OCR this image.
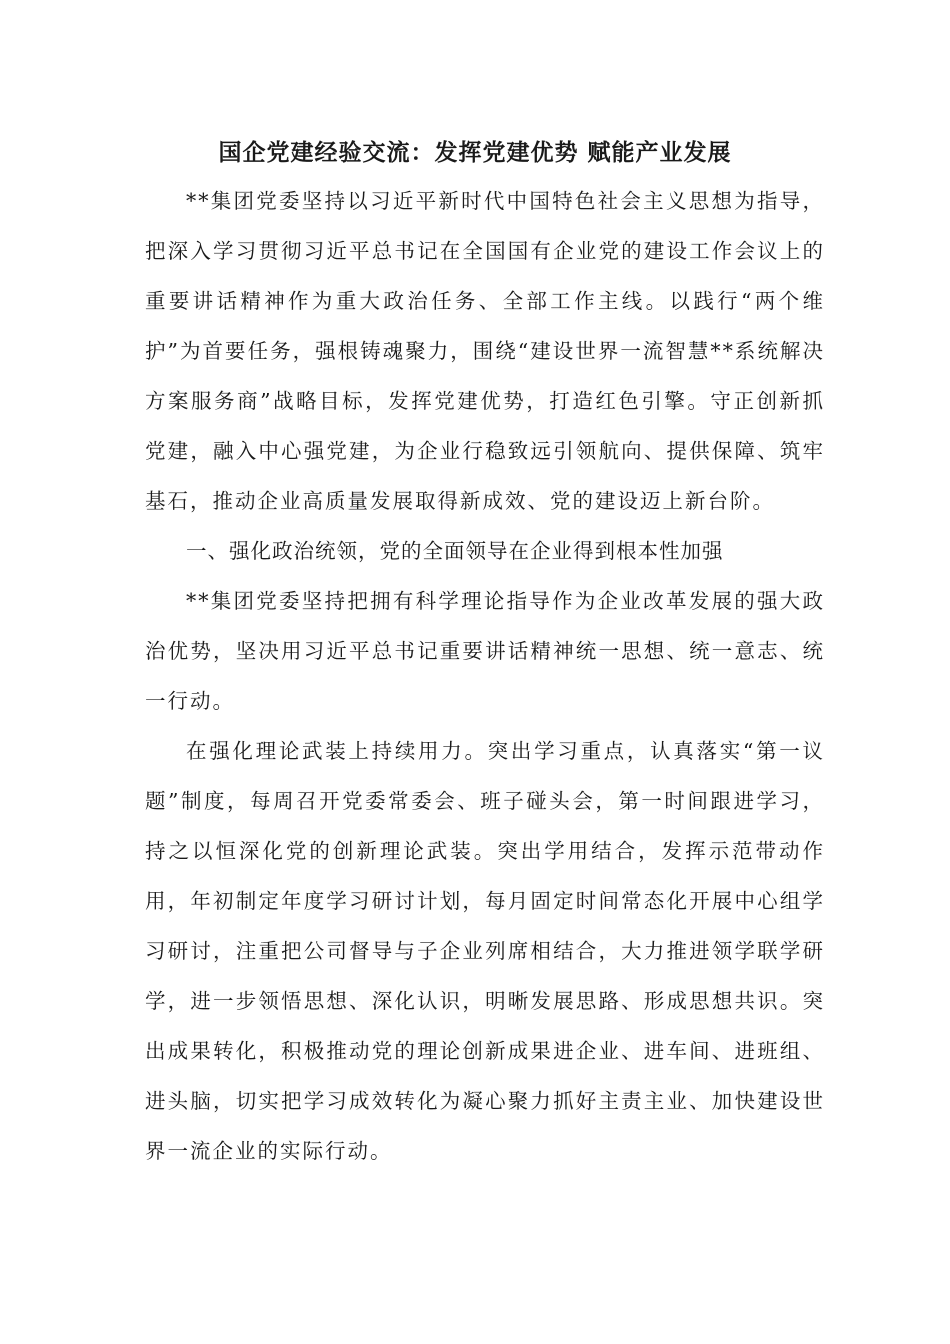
国企党建经验交流：发挥党建优势 赋能产业发展

**集团党委坚持以习近平新时代中国特色社会主义思想为指导，把深入学习贯彻习近平总书记在全国国有企业党的建设工作会议上的重要讲话精神作为重大政治任务、全部工作主线。以践行“两个维护”为首要任务，强根铸魂聚力，围绕“建设世界一流智慧**系统解决方案服务商”战略目标，发挥党建优势，打造红色引擎。守正创新抓党建，融入中心强党建，为企业行稳致远引领航向、提供保障、筑牢基石，推动企业高质量发展取得新成效、党的建设迈上新台阶。

一、强化政治统领，党的全面领导在企业得到根本性加强

**集团党委坚持把拥有科学理论指导作为企业改革发展的强大政治优势，坚决用习近平总书记重要讲话精神统一思想、统一意志、统一行动。

在强化理论武装上持续用力。突出学习重点，认真落实“第一议题”制度，每周召开党委常委会、班子碰头会，第一时间跟进学习，持之以恒深化党的创新理论武装。突出学用结合，发挥示范带动作用，年初制定年度学习研讨计划，每月固定时间常态化开展中心组学习研讨，注重把公司督导与子企业列席相结合，大力推进领学联学研学，进一步领悟思想、深化认识，明晰发展思路、形成思想共识。突出成果转化，积极推动党的理论创新成果进企业、进车间、进班组、进头脑，切实把学习成效转化为凝心聚力抓好主责主业、加快建设世界一流企业的实际行动。
